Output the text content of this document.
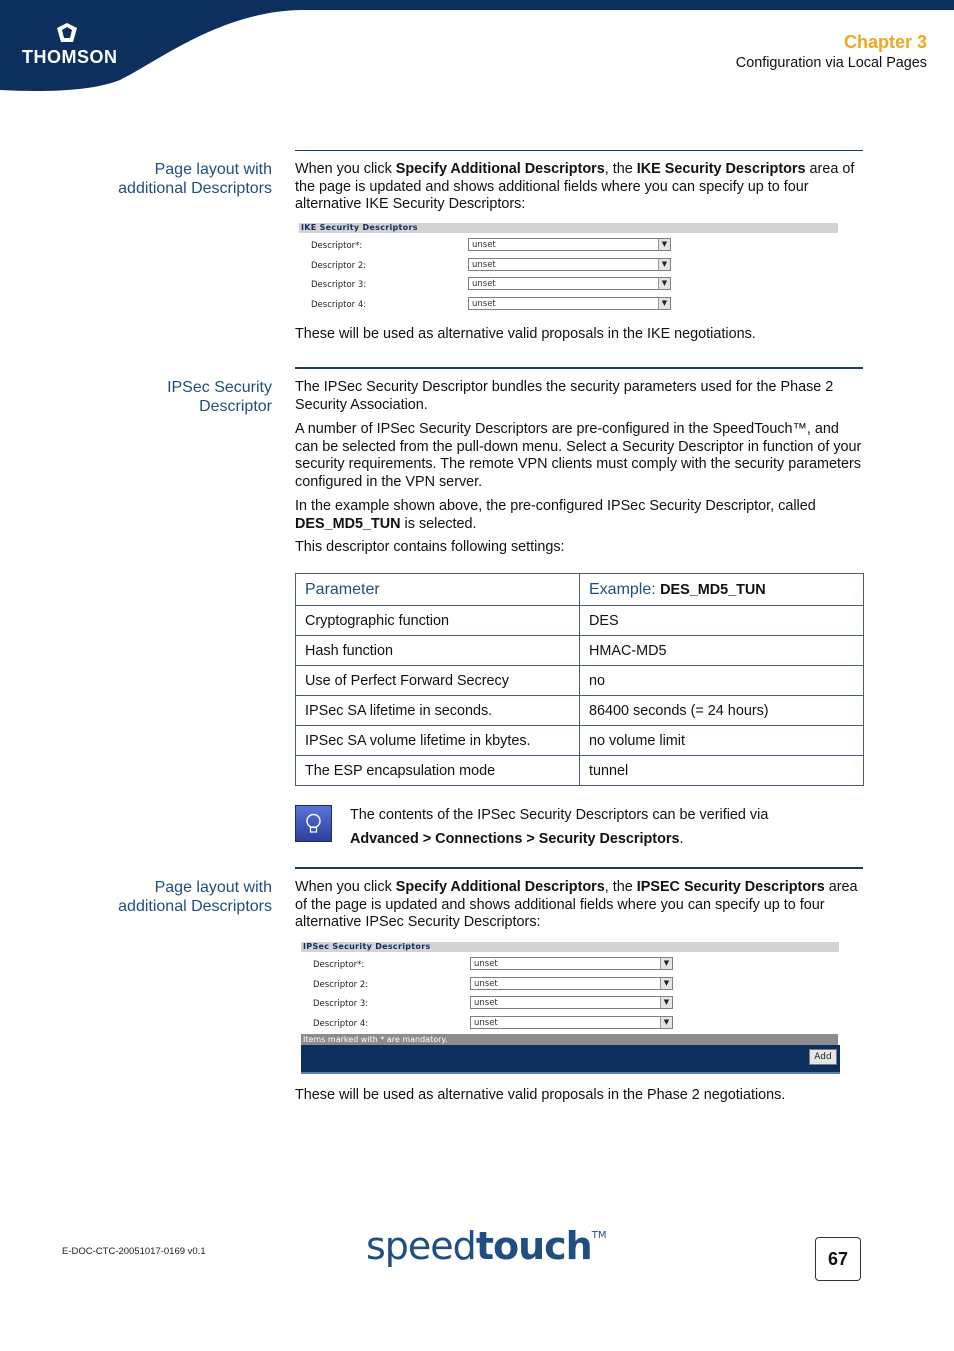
THOMSON
Chapter 3
Configuration via Local Pages
Page layout with
additional Descriptors
When you click Specify Additional Descriptors, the IKE Security Descriptors area of the page is updated and shows additional fields where you can specify up to four alternative IKE Security Descriptors:
IKE Security Descriptors
Descriptor*:	unset	▼
Descriptor 2:	unset	▼
Descriptor 3:	unset	▼
Descriptor 4:	unset	▼
These will be used as alternative valid proposals in the IKE negotiations.
IPSec Security
Descriptor
The IPSec Security Descriptor bundles the security parameters used for the Phase 2 Security Association.
A number of IPSec Security Descriptors are pre-configured in the SpeedTouch™, and can be selected from the pull-down menu. Select a Security Descriptor in function of your security requirements. The remote VPN clients must comply with the security parameters configured in the VPN server.
In the example shown above, the pre-configured IPSec Security Descriptor, called DES_MD5_TUN is selected.
This descriptor contains following settings:
Parameter	Example: DES_MD5_TUN
Cryptographic function	DES
Hash function	HMAC-MD5
Use of Perfect Forward Secrecy	no
IPSec SA lifetime in seconds.	86400 seconds (= 24 hours)
IPSec SA volume lifetime in kbytes.	no volume limit
The ESP encapsulation mode	tunnel
The contents of the IPSec Security Descriptors can be verified via
Advanced > Connections > Security Descriptors.
Page layout with
additional Descriptors
When you click Specify Additional Descriptors, the IPSEC Security Descriptors area of the page is updated and shows additional fields where you can specify up to four alternative IPSec Security Descriptors:
IPSec Security Descriptors
Descriptor*:	unset	▼
Descriptor 2:	unset	▼
Descriptor 3:	unset	▼
Descriptor 4:	unset	▼
Items marked with * are mandatory.
Add
These will be used as alternative valid proposals in the Phase 2 negotiations.
E-DOC-CTC-20051017-0169 v0.1	speedtouch™
67
